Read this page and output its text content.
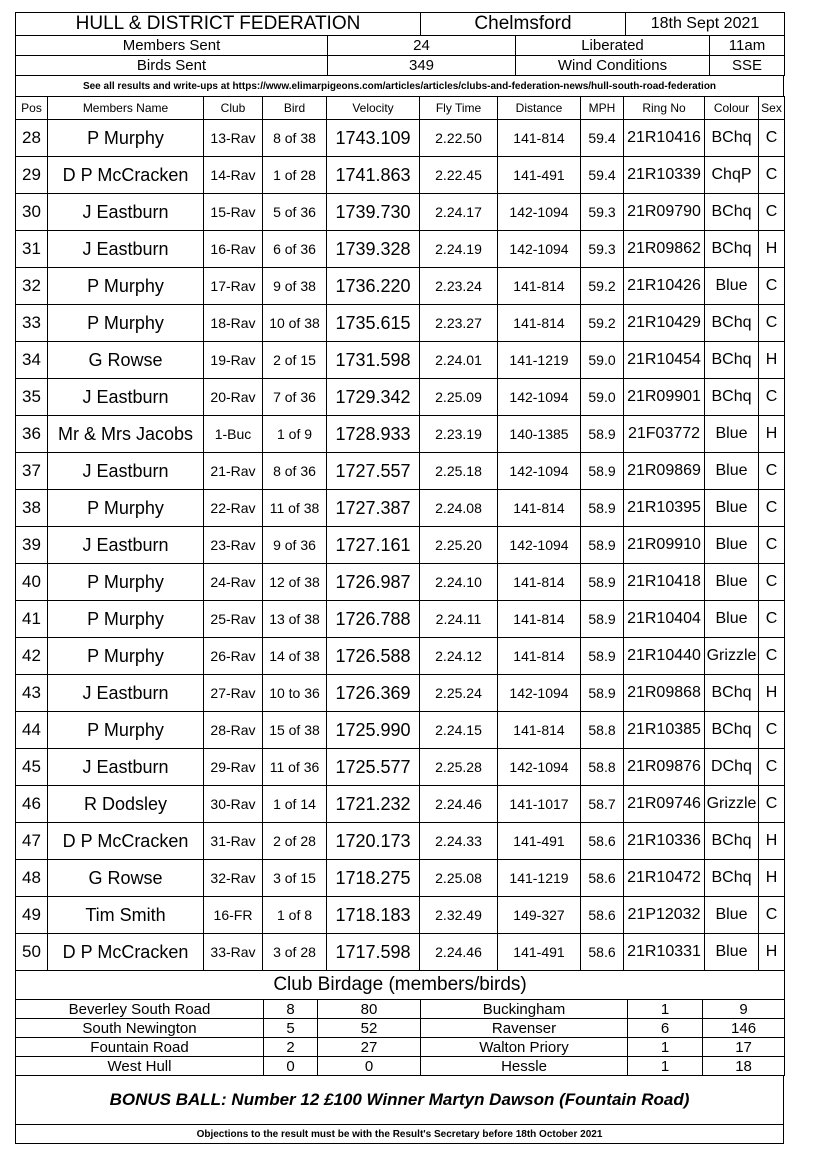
HULL & DISTRICT FEDERATION	Chelmsford	18th Sept 2021
Members Sent	24	Liberated	11am
Birds Sent	349	Wind Conditions	SSE
See all results and write-ups at https://www.elimarpigeons.com/articles/articles/clubs-and-federation-news/hull-south-road-federation
Pos	Members Name	Club	Bird	Velocity	Fly Time	Distance	MPH	Ring No	Colour	Sex
28	P Murphy	13-Rav	8 of 38	1743.109	2.22.50	141-814	59.4	21R10416	BChq	C
29	D P McCracken	14-Rav	1 of 28	1741.863	2.22.45	141-491	59.4	21R10339	ChqP	C
30	J Eastburn	15-Rav	5 of 36	1739.730	2.24.17	142-1094	59.3	21R09790	BChq	C
31	J Eastburn	16-Rav	6 of 36	1739.328	2.24.19	142-1094	59.3	21R09862	BChq	H
32	P Murphy	17-Rav	9 of 38	1736.220	2.23.24	141-814	59.2	21R10426	Blue	C
33	P Murphy	18-Rav	10 of 38	1735.615	2.23.27	141-814	59.2	21R10429	BChq	C
34	G Rowse	19-Rav	2 of 15	1731.598	2.24.01	141-1219	59.0	21R10454	BChq	H
35	J Eastburn	20-Rav	7 of 36	1729.342	2.25.09	142-1094	59.0	21R09901	BChq	C
36	Mr & Mrs Jacobs	1-Buc	1 of 9	1728.933	2.23.19	140-1385	58.9	21F03772	Blue	H
37	J Eastburn	21-Rav	8 of 36	1727.557	2.25.18	142-1094	58.9	21R09869	Blue	C
38	P Murphy	22-Rav	11 of 38	1727.387	2.24.08	141-814	58.9	21R10395	Blue	C
39	J Eastburn	23-Rav	9 of 36	1727.161	2.25.20	142-1094	58.9	21R09910	Blue	C
40	P Murphy	24-Rav	12 of 38	1726.987	2.24.10	141-814	58.9	21R10418	Blue	C
41	P Murphy	25-Rav	13 of 38	1726.788	2.24.11	141-814	58.9	21R10404	Blue	C
42	P Murphy	26-Rav	14 of 38	1726.588	2.24.12	141-814	58.9	21R10440	Grizzle	C
43	J Eastburn	27-Rav	10 to 36	1726.369	2.25.24	142-1094	58.9	21R09868	BChq	H
44	P Murphy	28-Rav	15 of 38	1725.990	2.24.15	141-814	58.8	21R10385	BChq	C
45	J Eastburn	29-Rav	11 of 36	1725.577	2.25.28	142-1094	58.8	21R09876	DChq	C
46	R Dodsley	30-Rav	1 of 14	1721.232	2.24.46	141-1017	58.7	21R09746	Grizzle	C
47	D P McCracken	31-Rav	2 of 28	1720.173	2.24.33	141-491	58.6	21R10336	BChq	H
48	G Rowse	32-Rav	3 of 15	1718.275	2.25.08	141-1219	58.6	21R10472	BChq	H
49	Tim Smith	16-FR	1 of 8	1718.183	2.32.49	149-327	58.6	21P12032	Blue	C
50	D P McCracken	33-Rav	3 of 28	1717.598	2.24.46	141-491	58.6	21R10331	Blue	H
Club Birdage (members/birds)					
Beverley South Road	8	80	Buckingham	1	9
South Newington	5	52	Ravenser	6	146
Fountain Road	2	27	Walton Priory	1	17
West Hull	0	0	Hessle	1	18
BONUS BALL: Number 12 £100 Winner Martyn Dawson (Fountain Road)
Objections to the result must be with the Result's Secretary before 18th October 2021
